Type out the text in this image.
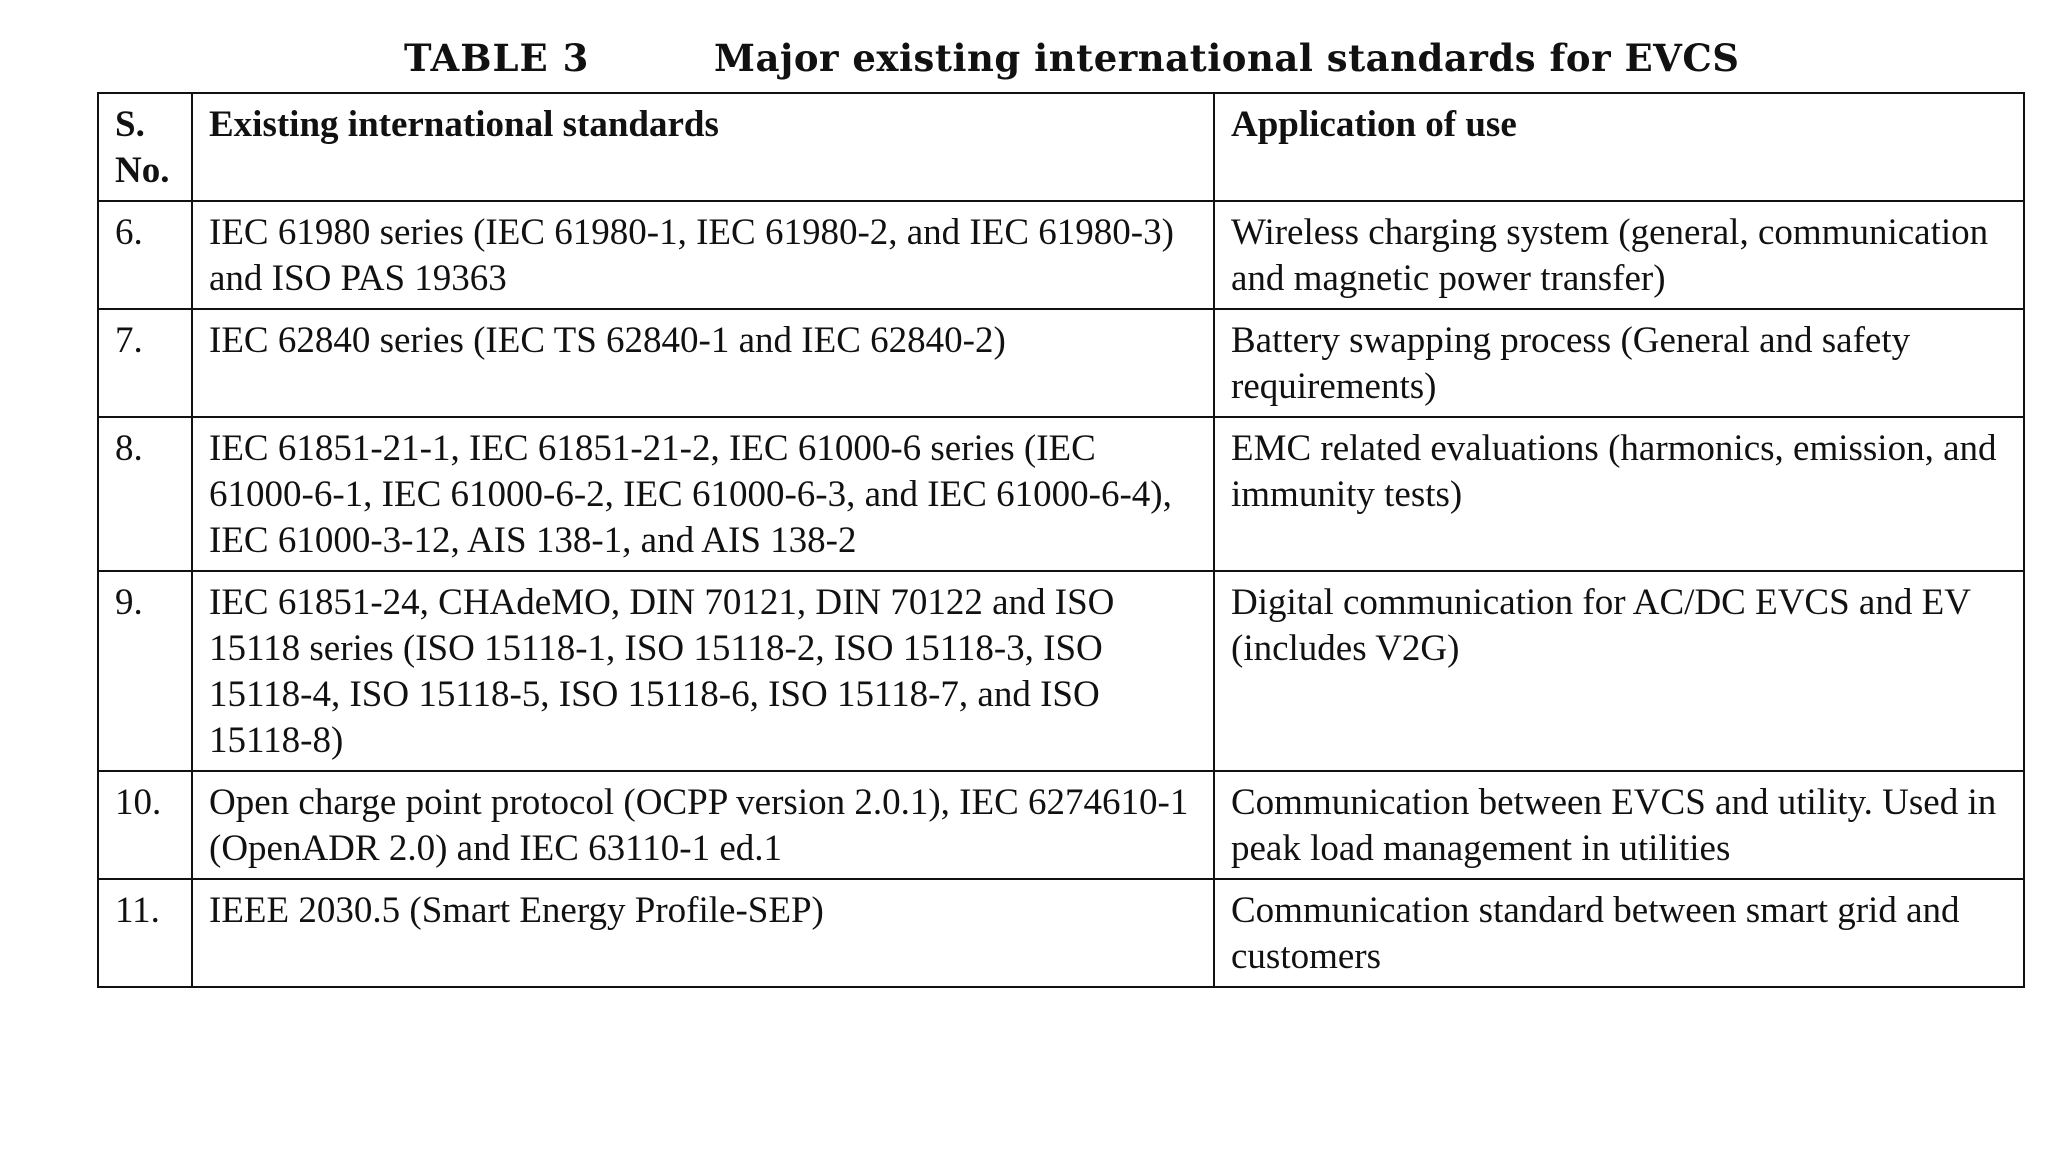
TABLE 3	Major existing international standards for EVCS
S. No.	Existing international standards	Application of use
6.	IEC 61980 series (IEC 61980-1, IEC 61980-2, and IEC 61980-3) and ISO PAS 19363	Wireless charging system (general, communication and magnetic power transfer)
7.	IEC 62840 series (IEC TS 62840-1 and IEC 62840-2)	Battery swapping process (General and safety requirements)
8.	IEC 61851-21-1, IEC 61851-21-2, IEC 61000-6 series (IEC 61000-6-1, IEC 61000-6-2, IEC 61000-6-3, and IEC 61000-6-4), IEC 61000-3-12, AIS 138-1, and AIS 138-2	EMC related evaluations (harmonics, emission, and immunity tests)
9.	IEC 61851-24, CHAdeMO, DIN 70121, DIN 70122 and ISO 15118 series (ISO 15118-1, ISO 15118-2, ISO 15118-3, ISO 15118-4, ISO 15118-5, ISO 15118-6, ISO 15118-7, and ISO 15118-8)	Digital communication for AC/DC EVCS and EV (includes V2G)
10.	Open charge point protocol (OCPP version 2.0.1), IEC 6274610-1 (OpenADR 2.0) and IEC 63110-1 ed.1	Communication between EVCS and utility. Used in peak load management in utilities
11.	IEEE 2030.5 (Smart Energy Profile-SEP)	Communication standard between smart grid and customers
